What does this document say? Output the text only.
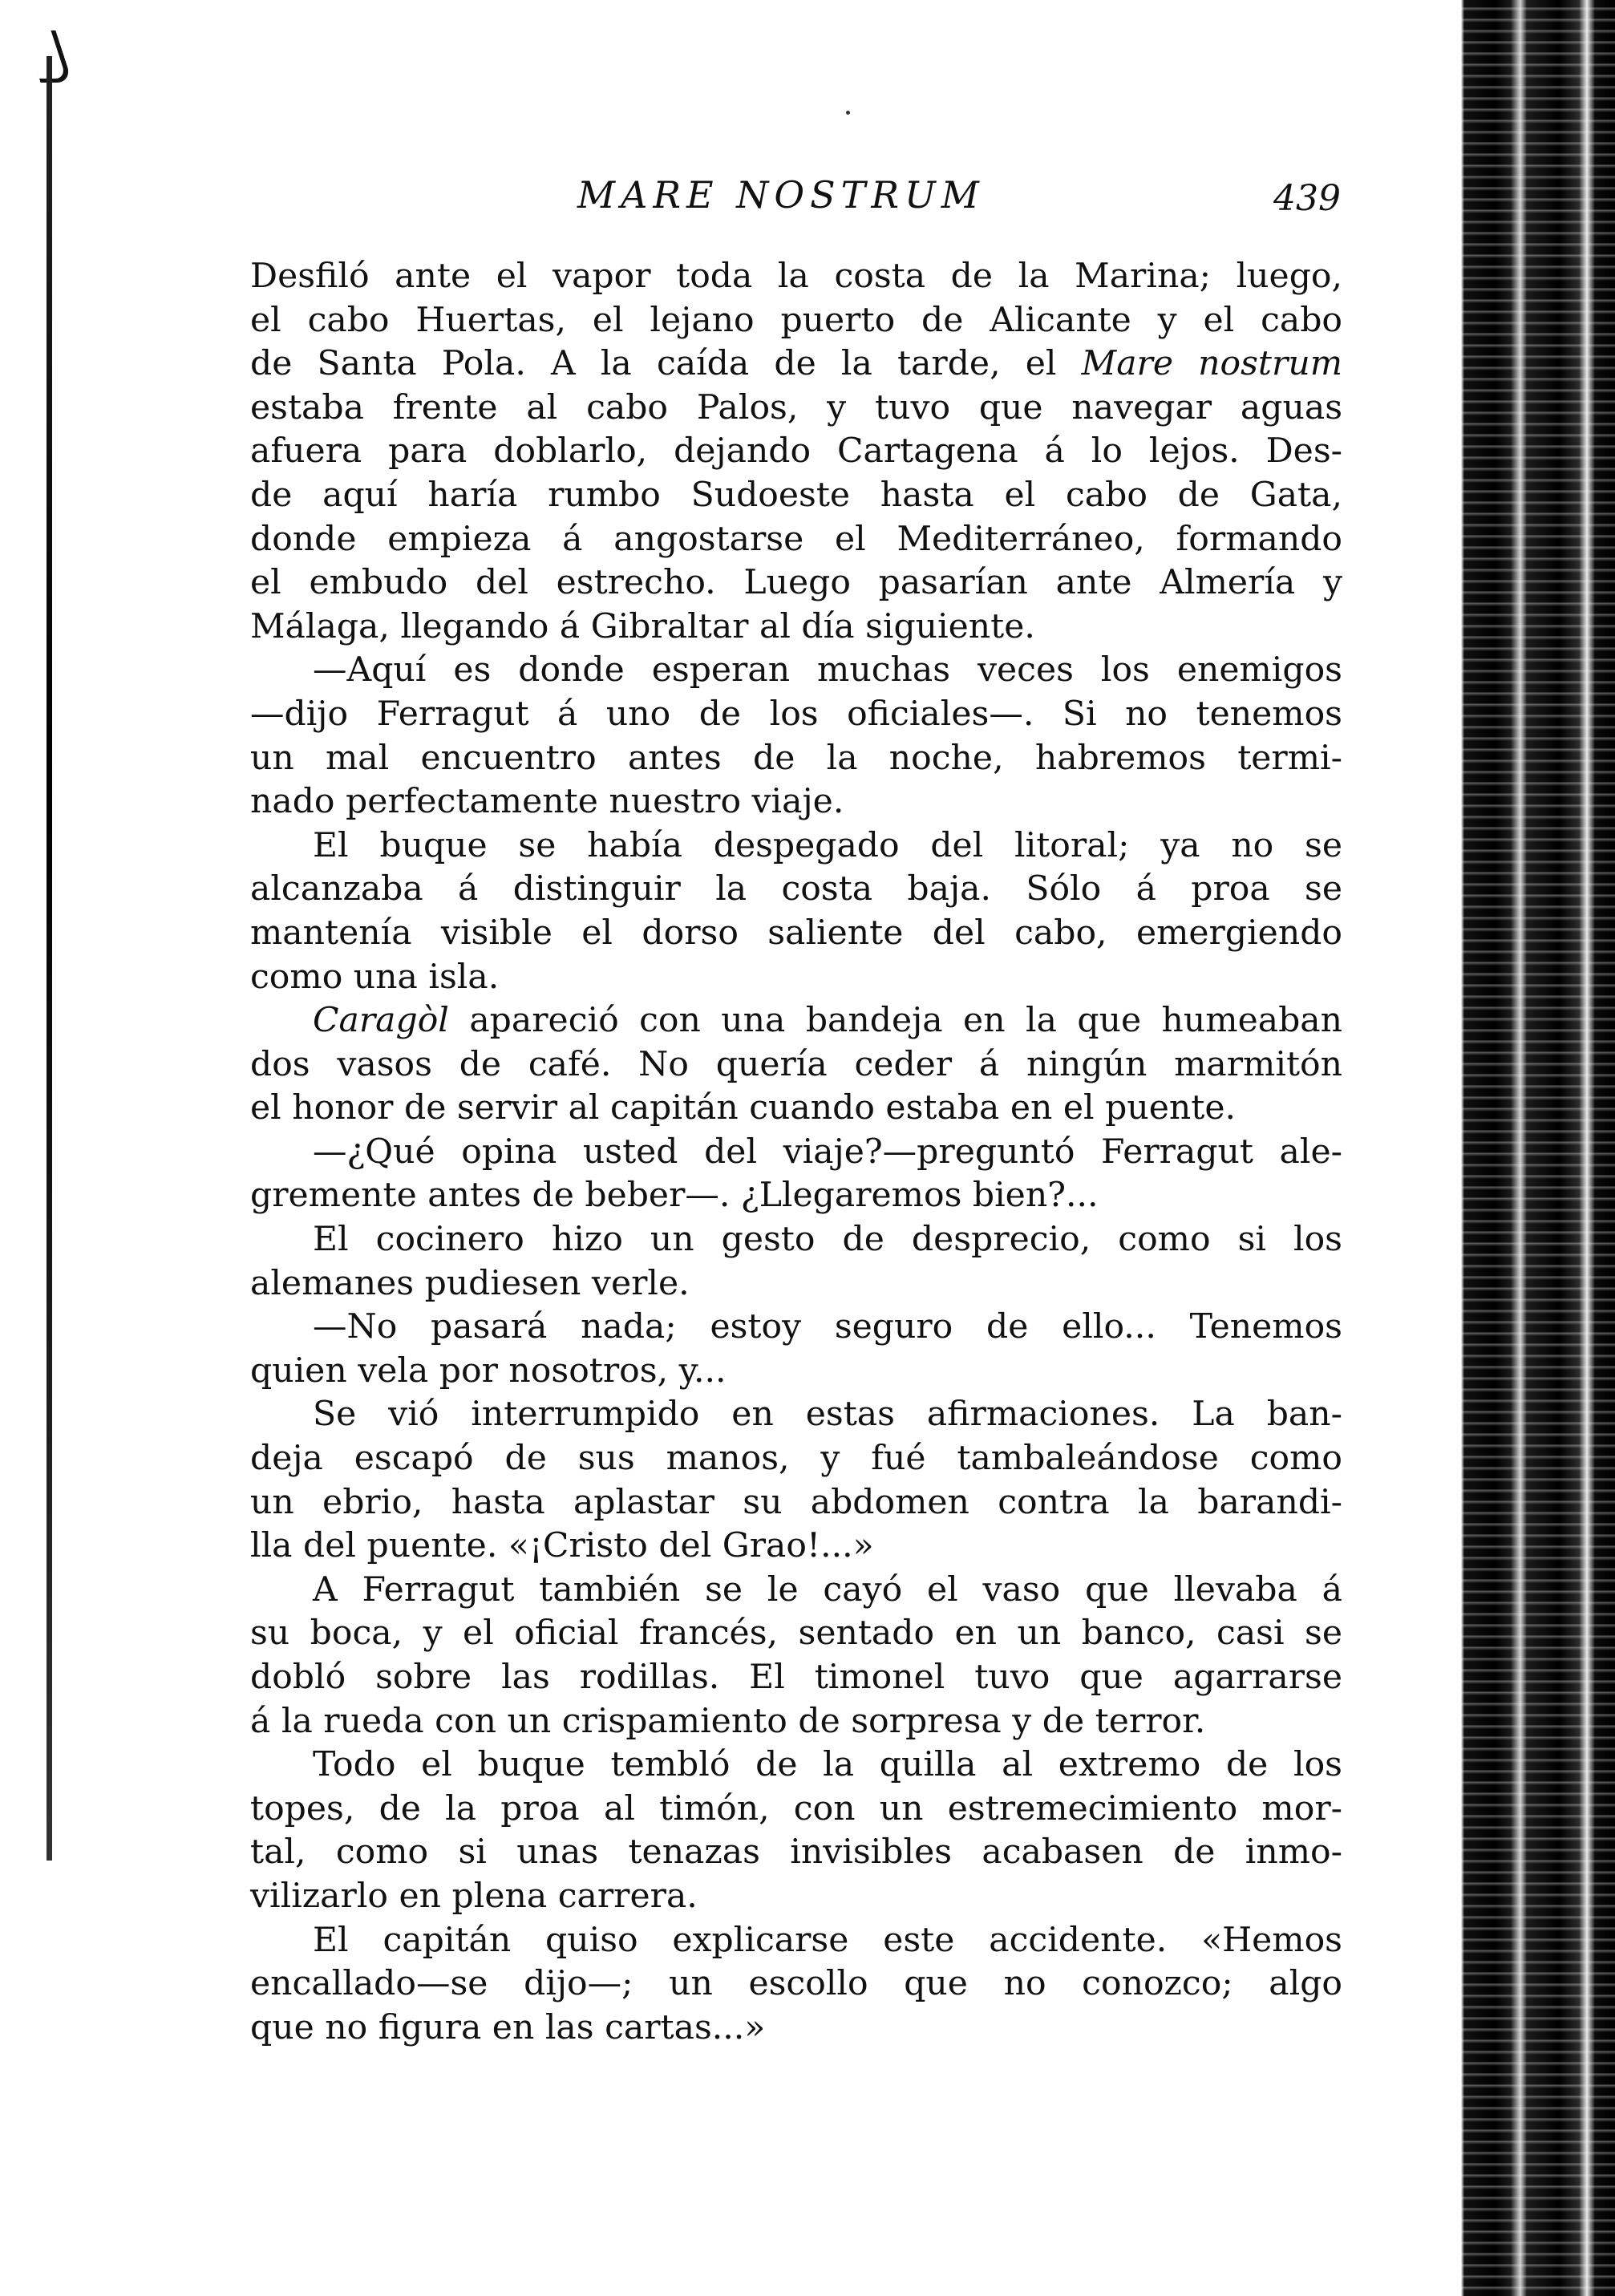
MARE NOSTRUM	439
Desfiló ante el vapor toda la costa de la Marina; luego,
el cabo Huertas, el lejano puerto de Alicante y el cabo
de Santa Pola. A la caída de la tarde, el Mare nostrum
estaba frente al cabo Palos, y tuvo que navegar aguas
afuera para doblarlo, dejando Cartagena á lo lejos. Des-
de aquí haría rumbo Sudoeste hasta el cabo de Gata,
donde empieza á angostarse el Mediterráneo, formando
el embudo del estrecho. Luego pasarían ante Almería y
Málaga, llegando á Gibraltar al día siguiente.
—Aquí es donde esperan muchas veces los enemigos
—dijo Ferragut á uno de los oficiales—. Si no tenemos
un mal encuentro antes de la noche, habremos termi-
nado perfectamente nuestro viaje.
El buque se había despegado del litoral; ya no se
alcanzaba á distinguir la costa baja. Sólo á proa se
mantenía visible el dorso saliente del cabo, emergiendo
como una isla.
Caragòl apareció con una bandeja en la que humeaban
dos vasos de café. No quería ceder á ningún marmitón
el honor de servir al capitán cuando estaba en el puente.
—¿Qué opina usted del viaje?—preguntó Ferragut ale-
gremente antes de beber—. ¿Llegaremos bien?...
El cocinero hizo un gesto de desprecio, como si los
alemanes pudiesen verle.
—No pasará nada; estoy seguro de ello... Tenemos
quien vela por nosotros, y...
Se vió interrumpido en estas afirmaciones. La ban-
deja escapó de sus manos, y fué tambaleándose como
un ebrio, hasta aplastar su abdomen contra la barandi-
lla del puente. «¡Cristo del Grao!...»
A Ferragut también se le cayó el vaso que llevaba á
su boca, y el oficial francés, sentado en un banco, casi se
dobló sobre las rodillas. El timonel tuvo que agarrarse
á la rueda con un crispamiento de sorpresa y de terror.
Todo el buque tembló de la quilla al extremo de los
topes, de la proa al timón, con un estremecimiento mor-
tal, como si unas tenazas invisibles acabasen de inmo-
vilizarlo en plena carrera.
El capitán quiso explicarse este accidente. «Hemos
encallado—se dijo—; un escollo que no conozco; algo
que no figura en las cartas...»
